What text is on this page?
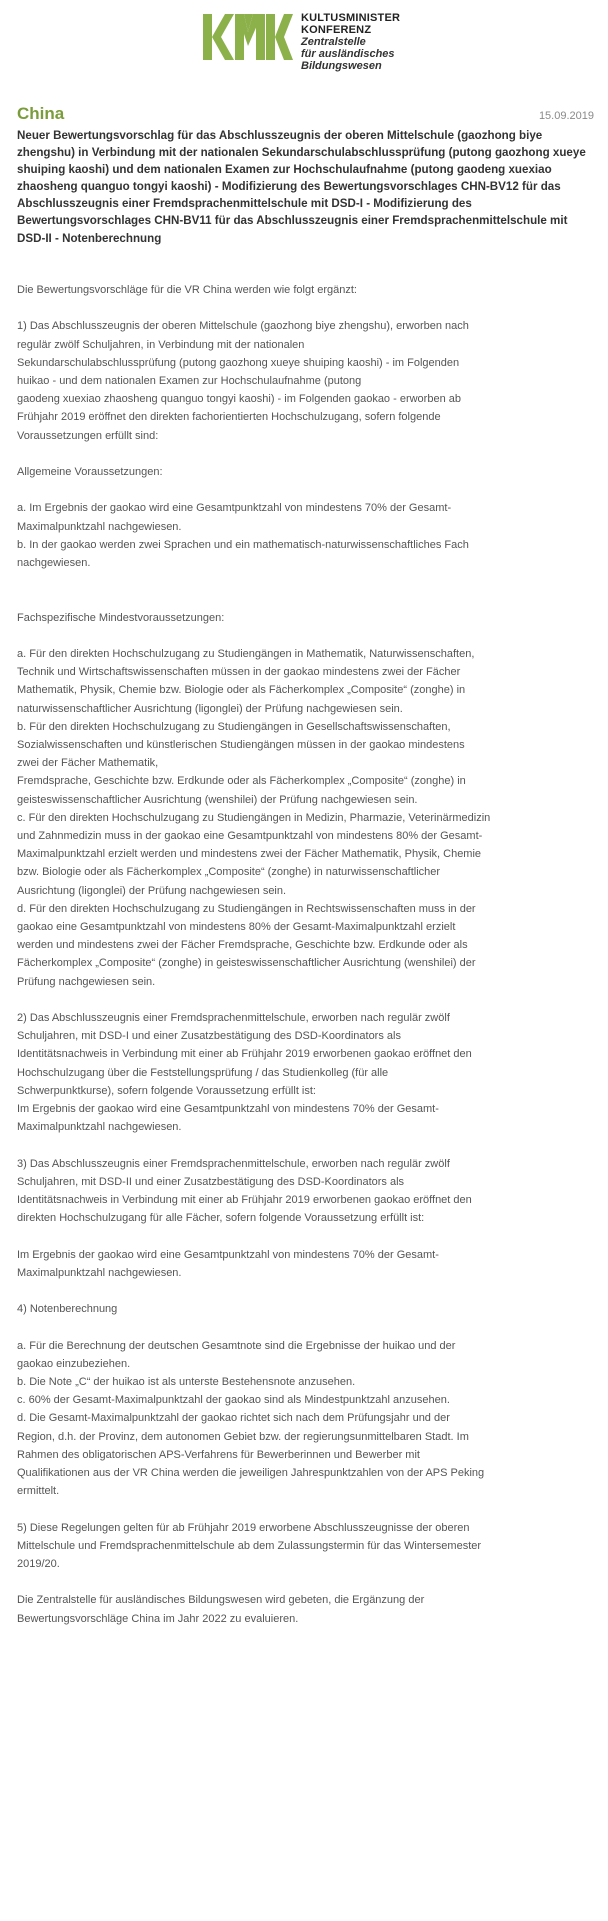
KULTUSMINISTER
KONFERENZ
Zentralstelle
für ausländisches
Bildungswesen
China	15.09.2019

Neuer Bewertungsvorschlag für das Abschlusszeugnis der oberen Mittelschule (gaozhong biye zhengshu) in Verbindung mit der nationalen Sekundarschulabschlussprüfung (putong gaozhong xueye shuiping kaoshi) und dem nationalen Examen zur Hochschulaufnahme (putong gaodeng xuexiao zhaosheng quanguo tongyi kaoshi) - Modifizierung des Bewertungsvorschlages CHN-BV12 für das Abschlusszeugnis einer Fremdsprachenmittelschule mit DSD-I - Modifizierung des Bewertungsvorschlages CHN-BV11 für das Abschlusszeugnis einer Fremdsprachenmittelschule mit DSD-II - Notenberechnung

Die Bewertungsvorschläge für die VR China werden wie folgt ergänzt:

1) Das Abschlusszeugnis der oberen Mittelschule (gaozhong biye zhengshu), erworben nach

regulär zwölf Schuljahren, in Verbindung mit der nationalen

Sekundarschulabschlussprüfung (putong gaozhong xueye shuiping kaoshi) - im Folgenden

huikao - und dem nationalen Examen zur Hochschulaufnahme (putong

gaodeng xuexiao zhaosheng quanguo tongyi kaoshi) - im Folgenden gaokao - erworben ab

Frühjahr 2019 eröffnet den direkten fachorientierten Hochschulzugang, sofern folgende

Voraussetzungen erfüllt sind:

Allgemeine Voraussetzungen:

a. Im Ergebnis der gaokao wird eine Gesamtpunktzahl von mindestens 70% der Gesamt-

Maximalpunktzahl nachgewiesen.

b. In der gaokao werden zwei Sprachen und ein mathematisch-naturwissenschaftliches Fach

nachgewiesen.

Fachspezifische Mindestvoraussetzungen:

a. Für den direkten Hochschulzugang zu Studiengängen in Mathematik, Naturwissenschaften,

Technik und Wirtschaftswissenschaften müssen in der gaokao mindestens zwei der Fächer

Mathematik, Physik, Chemie bzw. Biologie oder als Fächerkomplex „Composite“ (zonghe) in

naturwissenschaftlicher Ausrichtung (ligonglei) der Prüfung nachgewiesen sein.

b. Für den direkten Hochschulzugang zu Studiengängen in Gesellschaftswissenschaften,

Sozialwissenschaften und künstlerischen Studiengängen müssen in der gaokao mindestens

zwei der Fächer Mathematik,

Fremdsprache, Geschichte bzw. Erdkunde oder als Fächerkomplex „Composite“ (zonghe) in

geisteswissenschaftlicher Ausrichtung (wenshilei) der Prüfung nachgewiesen sein.

c. Für den direkten Hochschulzugang zu Studiengängen in Medizin, Pharmazie, Veterinärmedizin

und Zahnmedizin muss in der gaokao eine Gesamtpunktzahl von mindestens 80% der Gesamt-

Maximalpunktzahl erzielt werden und mindestens zwei der Fächer Mathematik, Physik, Chemie

bzw. Biologie oder als Fächerkomplex „Composite“ (zonghe) in naturwissenschaftlicher

Ausrichtung (ligonglei) der Prüfung nachgewiesen sein.

d. Für den direkten Hochschulzugang zu Studiengängen in Rechtswissenschaften muss in der

gaokao eine Gesamtpunktzahl von mindestens 80% der Gesamt-Maximalpunktzahl erzielt

werden und mindestens zwei der Fächer Fremdsprache, Geschichte bzw. Erdkunde oder als

Fächerkomplex „Composite“ (zonghe) in geisteswissenschaftlicher Ausrichtung (wenshilei) der

Prüfung nachgewiesen sein.

2) Das Abschlusszeugnis einer Fremdsprachenmittelschule, erworben nach regulär zwölf

Schuljahren, mit DSD-I und einer Zusatzbestätigung des DSD-Koordinators als

Identitätsnachweis in Verbindung mit einer ab Frühjahr 2019 erworbenen gaokao eröffnet den

Hochschulzugang über die Feststellungsprüfung / das Studienkolleg (für alle

Schwerpunktkurse), sofern folgende Voraussetzung erfüllt ist:

Im Ergebnis der gaokao wird eine Gesamtpunktzahl von mindestens 70% der Gesamt-

Maximalpunktzahl nachgewiesen.

3) Das Abschlusszeugnis einer Fremdsprachenmittelschule, erworben nach regulär zwölf

Schuljahren, mit DSD-II und einer Zusatzbestätigung des DSD-Koordinators als

Identitätsnachweis in Verbindung mit einer ab Frühjahr 2019 erworbenen gaokao eröffnet den

direkten Hochschulzugang für alle Fächer, sofern folgende Voraussetzung erfüllt ist:

Im Ergebnis der gaokao wird eine Gesamtpunktzahl von mindestens 70% der Gesamt-

Maximalpunktzahl nachgewiesen.

4) Notenberechnung

a. Für die Berechnung der deutschen Gesamtnote sind die Ergebnisse der huikao und der

gaokao einzubeziehen.

b. Die Note „C“ der huikao ist als unterste Bestehensnote anzusehen.

c. 60% der Gesamt-Maximalpunktzahl der gaokao sind als Mindestpunktzahl anzusehen.

d. Die Gesamt-Maximalpunktzahl der gaokao richtet sich nach dem Prüfungsjahr und der

Region, d.h. der Provinz, dem autonomen Gebiet bzw. der regierungsunmittelbaren Stadt. Im

Rahmen des obligatorischen APS-Verfahrens für Bewerberinnen und Bewerber mit

Qualifikationen aus der VR China werden die jeweiligen Jahrespunktzahlen von der APS Peking

ermittelt.

5) Diese Regelungen gelten für ab Frühjahr 2019 erworbene Abschlusszeugnisse der oberen

Mittelschule und Fremdsprachenmittelschule ab dem Zulassungstermin für das Wintersemester

2019/20.

Die Zentralstelle für ausländisches Bildungswesen wird gebeten, die Ergänzung der

Bewertungsvorschläge China im Jahr 2022 zu evaluieren.
